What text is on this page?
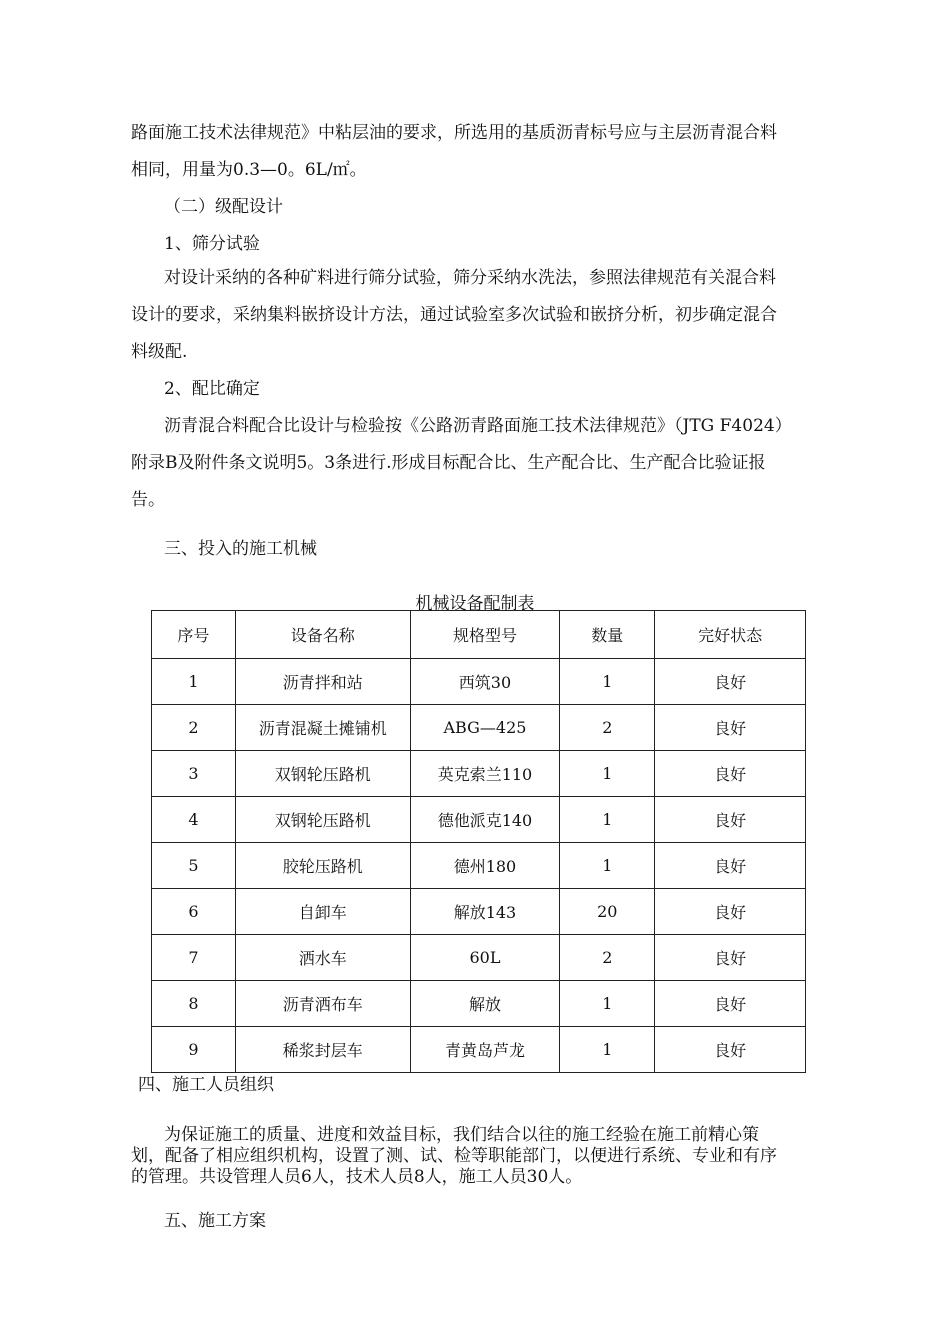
路面施工技术法律规范》中粘层油的要求，所选用的基质沥青标号应与主层沥青混合料
相同，用量为0.3—0。6L/㎡。
（二）级配设计
1、筛分试验
对设计采纳的各种矿料进行筛分试验，筛分采纳水洗法，参照法律规范有关混合料
设计的要求，采纳集料嵌挤设计方法，通过试验室多次试验和嵌挤分析，初步确定混合
料级配.
2、配比确定
沥青混合料配合比设计与检验按《公路沥青路面施工技术法律规范》（JTG F4024）
附录B及附件条文说明5。3条进行.形成目标配合比、生产配合比、生产配合比验证报
告。
三、投入的施工机械
机械设备配制表
序号	设备名称	规格型号	数量	完好状态
1	沥青拌和站	西筑30	1	良好
2	沥青混凝土摊铺机	ABG—425	2	良好
3	双钢轮压路机	英克索兰110	1	良好
4	双钢轮压路机	德他派克140	1	良好
5	胶轮压路机	德州180	1	良好
6	自卸车	解放143	20	良好
7	洒水车	60L	2	良好
8	沥青洒布车	解放	1	良好
9	稀浆封层车	青黄岛芦龙	1	良好
四、施工人员组织
为保证施工的质量、进度和效益目标，我们结合以往的施工经验在施工前精心策
划，配备了相应组织机构，设置了测、试、检等职能部门，以便进行系统、专业和有序
的管理。共设管理人员6人，技术人员8人，施工人员30人。
五、施工方案
